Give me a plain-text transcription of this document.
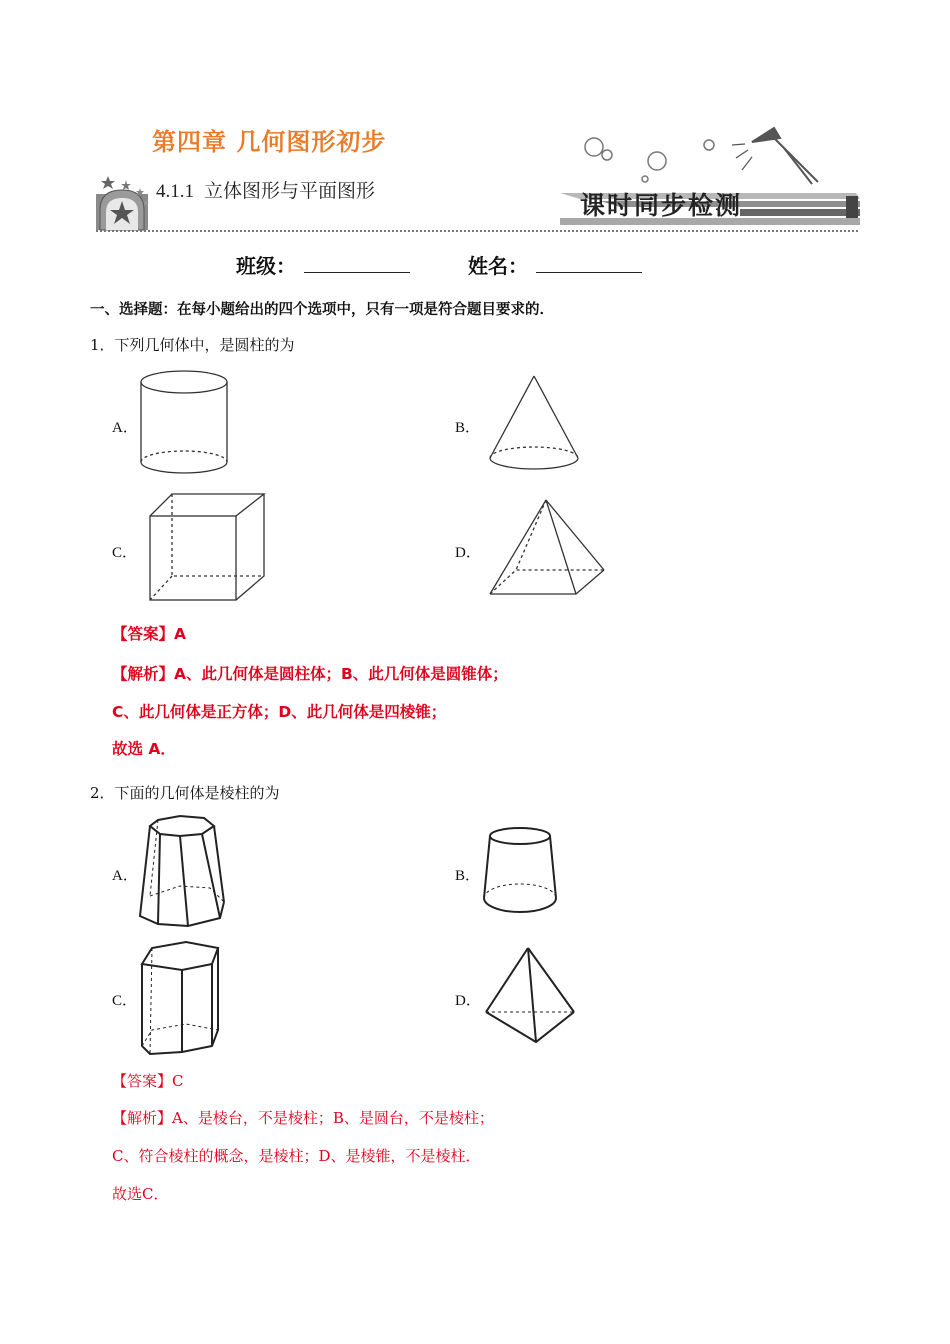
第四章 几何图形初步
4.1.1 立体图形与平面图形	课时同步检测
班级：	姓名：
一、选择题：在每小题给出的四个选项中，只有一项是符合题目要求的．
1．下列几何体中，是圆柱的为
A．	B．
C．	D．
【答案】A
【解析】A、此几何体是圆柱体；B、此几何体是圆锥体；
C、此几何体是正方体；D、此几何体是四棱锥；
故选 A．
2．下面的几何体是棱柱的为
A．	B．
C．	D．
【答案】C
【解析】A、是棱台，不是棱柱；B、是圆台，不是棱柱；
C、符合棱柱的概念，是棱柱；D、是棱锥，不是棱柱．
故选C．
